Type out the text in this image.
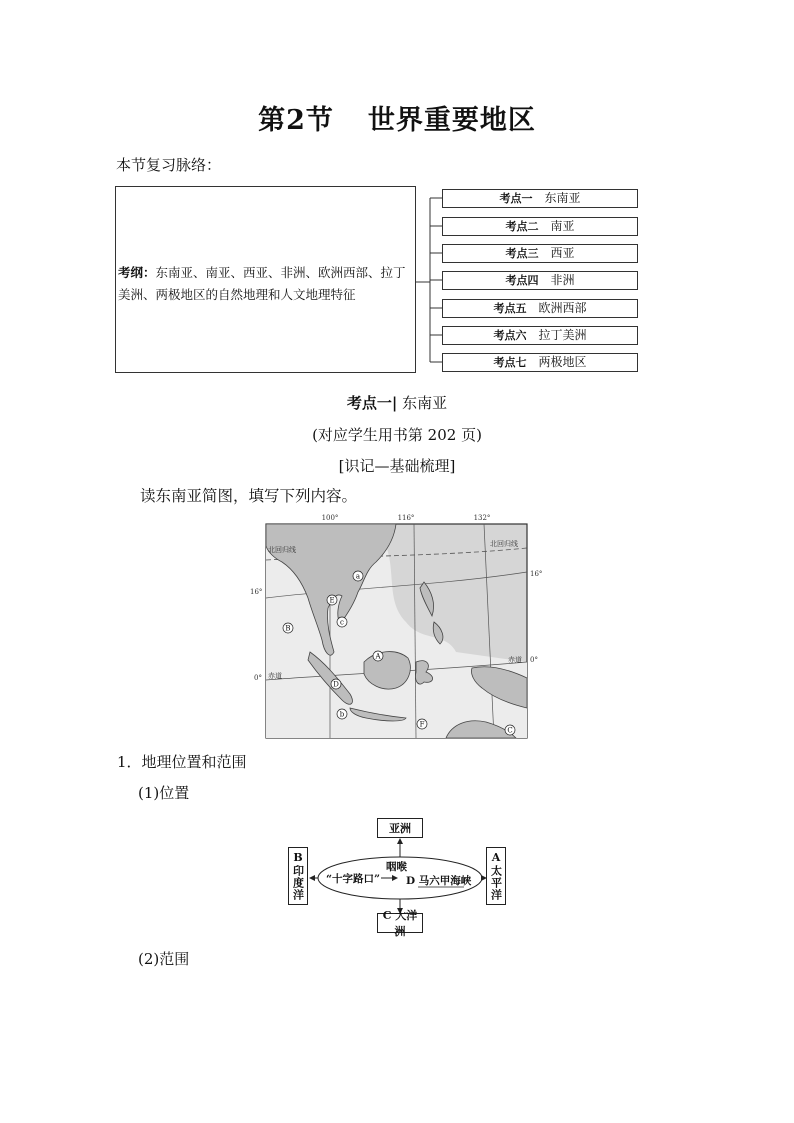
第2节 世界重要地区
本节复习脉络：
考纲：东南亚、南亚、西亚、非洲、欧洲西部、拉丁美洲、两极地区的自然地理和人文地理特征
考点一 东南亚
考点二 南亚
考点三 西亚
考点四 非洲
考点五 欧洲西部
考点六 拉丁美洲
考点七 两极地区
考点一| 东南亚
(对应学生用书第 202 页)
[识记—基础梳理]
读东南亚简图，填写下列内容。
100°	116°	132°
16°
0°
16°
0°
北回归线
北回归线
赤道
赤道
A
B
C
D
E
F
a
b
c
1．地理位置和范围
(1)位置
亚洲
C 大洋洲
B印度洋	A太平洋
“十字路口”
咽喉
D 马六甲海峡
(2)范围
